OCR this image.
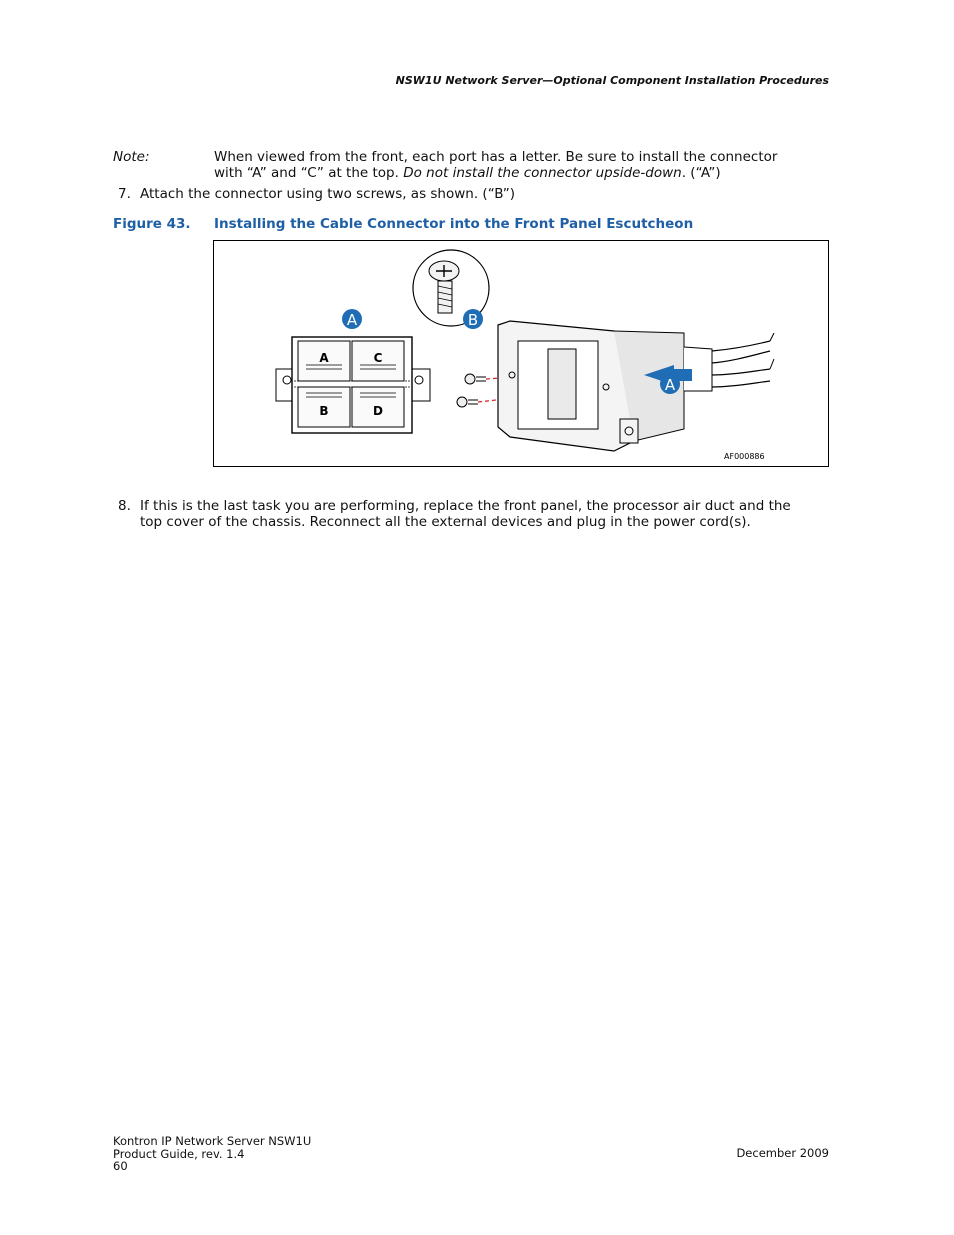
NSW1U Network Server—Optional Component Installation Procedures
Note:	When viewed from the front, each port has a letter. Be sure to install the connector
with “A” and “C” at the top. Do not install the connector upside-down. (“A”)
7. Attach the connector using two screws, as shown. (“B”)
Figure 43. Installing the Cable Connector into the Front Panel Escutcheon
A	B
A	C
B	D
A
AF000886
8. If this is the last task you are performing, replace the front panel, the processor air duct and the
top cover of the chassis. Reconnect all the external devices and plug in the power cord(s).
Kontron IP Network Server NSW1U
Product Guide, rev. 1.4
60
December 2009
